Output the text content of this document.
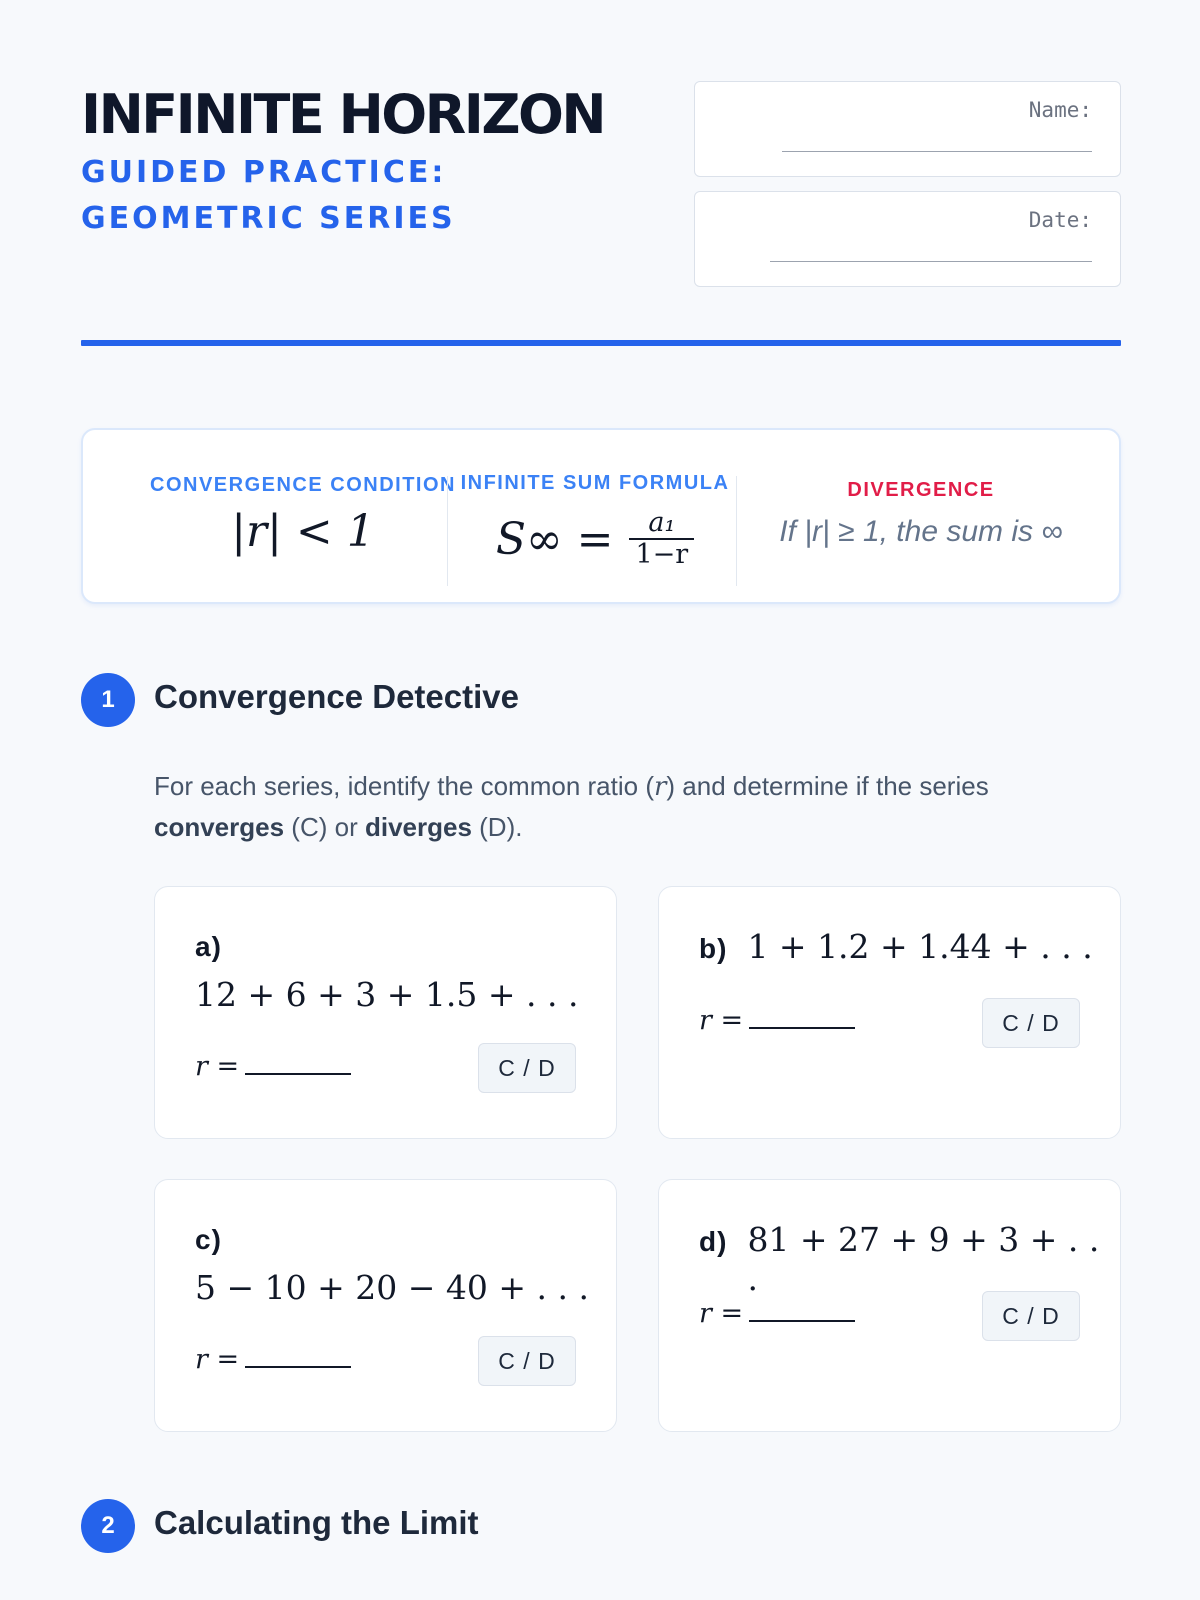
INFINITE HORIZON
GUIDED PRACTICE: GEOMETRIC SERIES
Name:
Date:
CONVERGENCE CONDITION
|r| < 1
INFINITE SUM FORMULA
$S\infty = \frac{\text{a₁}}{1-r}$
DIVERGENCE
If |r| ≥ 1, the sum is ∞
1	Convergence Detective
For each series, identify the common ratio (r) and determine if the series converges (C) or diverges (D).
a)
12 + 6 + 3 + 1.5 + . . .
r =	C / D
b) 1 + 1.2 + 1.44 + . . .
r =	C / D
c)
5 − 10 + 20 − 40 + . . .
r =	C / D
d) 81 + 27 + 9 + 3 + . . .
r =	C / D
2	Calculating the Limit
